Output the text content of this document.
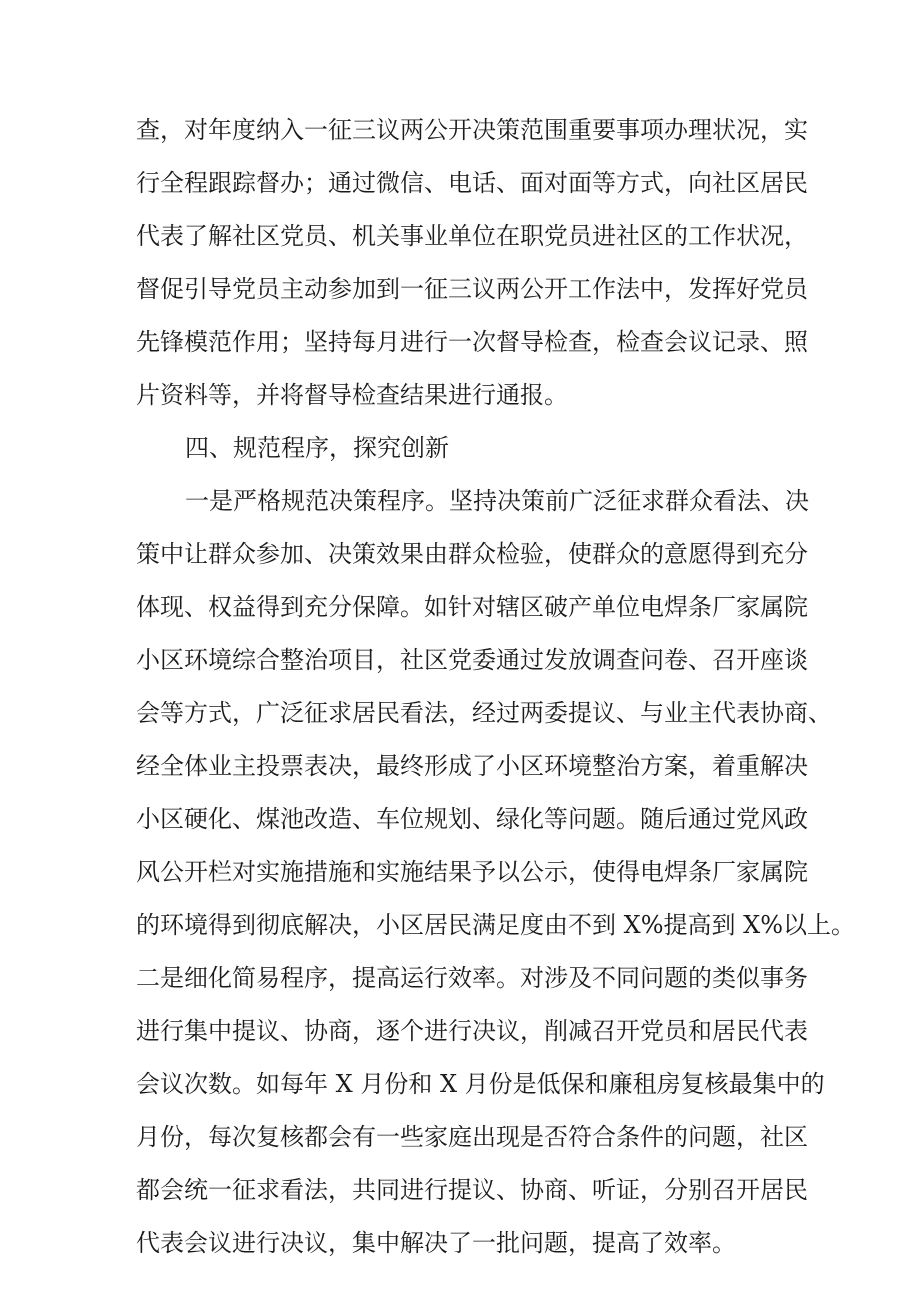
查，对年度纳入一征三议两公开决策范围重要事项办理状况，实
行全程跟踪督办；通过微信、电话、面对面等方式，向社区居民
代表了解社区党员、机关事业单位在职党员进社区的工作状况，
督促引导党员主动参加到一征三议两公开工作法中，发挥好党员
先锋模范作用；坚持每月进行一次督导检查，检查会议记录、照
片资料等，并将督导检查结果进行通报。
四、规范程序，探究创新
一是严格规范决策程序。坚持决策前广泛征求群众看法、决
策中让群众参加、决策效果由群众检验，使群众的意愿得到充分
体现、权益得到充分保障。如针对辖区破产单位电焊条厂家属院
小区环境综合整治项目，社区党委通过发放调查问卷、召开座谈
会等方式，广泛征求居民看法，经过两委提议、与业主代表协商、
经全体业主投票表决，最终形成了小区环境整治方案，着重解决
小区硬化、煤池改造、车位规划、绿化等问题。随后通过党风政
风公开栏对实施措施和实施结果予以公示，使得电焊条厂家属院
的环境得到彻底解决，小区居民满足度由不到 X%提高到 X%以上。
二是细化简易程序，提高运行效率。对涉及不同问题的类似事务
进行集中提议、协商，逐个进行决议，削减召开党员和居民代表
会议次数。如每年 X 月份和 X 月份是低保和廉租房复核最集中的
月份，每次复核都会有一些家庭出现是否符合条件的问题，社区
都会统一征求看法，共同进行提议、协商、听证，分别召开居民
代表会议进行决议，集中解决了一批问题，提高了效率。
